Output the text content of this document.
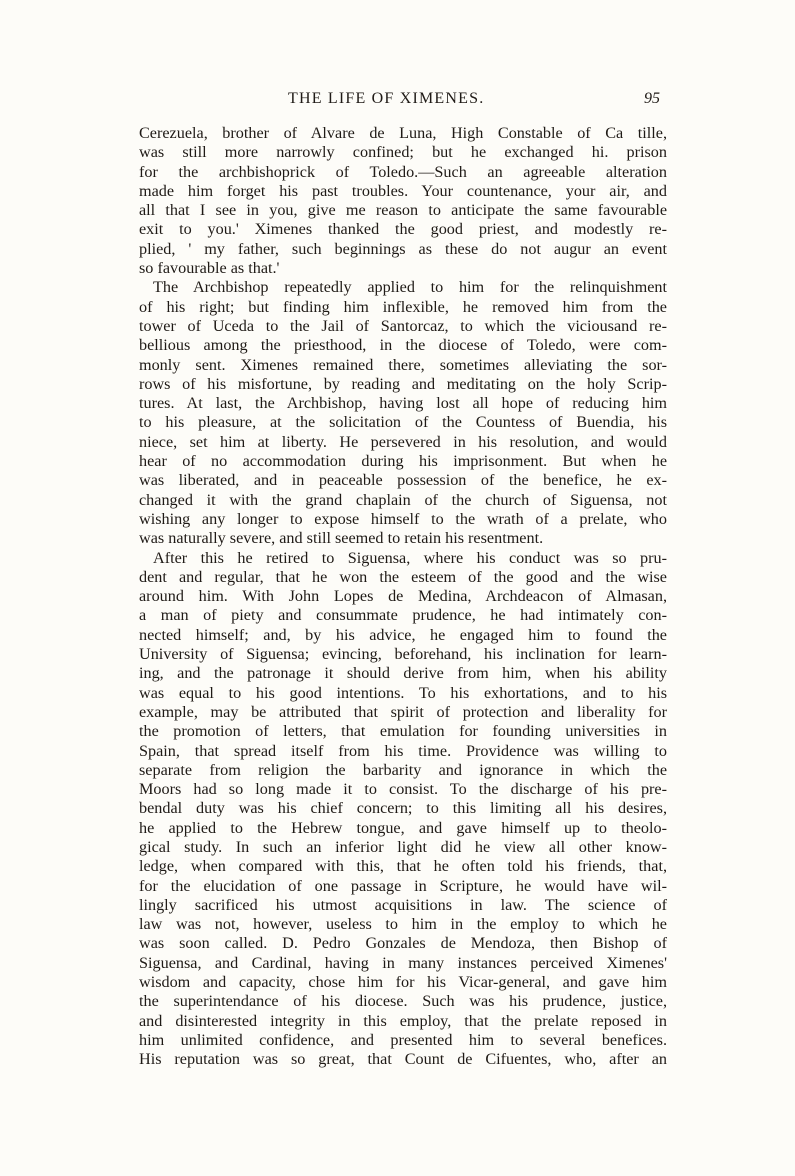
THE LIFE OF XIMENES.	95
Cerezuela, brother of Alvare de Luna, High Constable of Ca tille,
was still more narrowly confined; but he exchanged hi. prison
for the archbishoprick of Toledo.—Such an agreeable alteration
made him forget his past troubles. Your countenance, your air, and
all that I see in you, give me reason to anticipate the same favourable
exit to you.' Ximenes thanked the good priest, and modestly re-
plied, ' my father, such beginnings as these do not augur an event
so favourable as that.'
The Archbishop repeatedly applied to him for the relinquishment
of his right; but finding him inflexible, he removed him from the
tower of Uceda to the Jail of Santorcaz, to which the viciousand re-
bellious among the priesthood, in the diocese of Toledo, were com-
monly sent. Ximenes remained there, sometimes alleviating the sor-
rows of his misfortune, by reading and meditating on the holy Scrip-
tures. At last, the Archbishop, having lost all hope of reducing him
to his pleasure, at the solicitation of the Countess of Buendia, his
niece, set him at liberty. He persevered in his resolution, and would
hear of no accommodation during his imprisonment. But when he
was liberated, and in peaceable possession of the benefice, he ex-
changed it with the grand chaplain of the church of Siguensa, not
wishing any longer to expose himself to the wrath of a prelate, who
was naturally severe, and still seemed to retain his resentment.
After this he retired to Siguensa, where his conduct was so pru-
dent and regular, that he won the esteem of the good and the wise
around him. With John Lopes de Medina, Archdeacon of Almasan,
a man of piety and consummate prudence, he had intimately con-
nected himself; and, by his advice, he engaged him to found the
University of Siguensa; evincing, beforehand, his inclination for learn-
ing, and the patronage it should derive from him, when his ability
was equal to his good intentions. To his exhortations, and to his
example, may be attributed that spirit of protection and liberality for
the promotion of letters, that emulation for founding universities in
Spain, that spread itself from his time. Providence was willing to
separate from religion the barbarity and ignorance in which the
Moors had so long made it to consist. To the discharge of his pre-
bendal duty was his chief concern; to this limiting all his desires,
he applied to the Hebrew tongue, and gave himself up to theolo-
gical study. In such an inferior light did he view all other know-
ledge, when compared with this, that he often told his friends, that,
for the elucidation of one passage in Scripture, he would have wil-
lingly sacrificed his utmost acquisitions in law. The science of
law was not, however, useless to him in the employ to which he
was soon called. D. Pedro Gonzales de Mendoza, then Bishop of
Siguensa, and Cardinal, having in many instances perceived Ximenes'
wisdom and capacity, chose him for his Vicar-general, and gave him
the superintendance of his diocese. Such was his prudence, justice,
and disinterested integrity in this employ, that the prelate reposed in
him unlimited confidence, and presented him to several benefices.
His reputation was so great, that Count de Cifuentes, who, after an
